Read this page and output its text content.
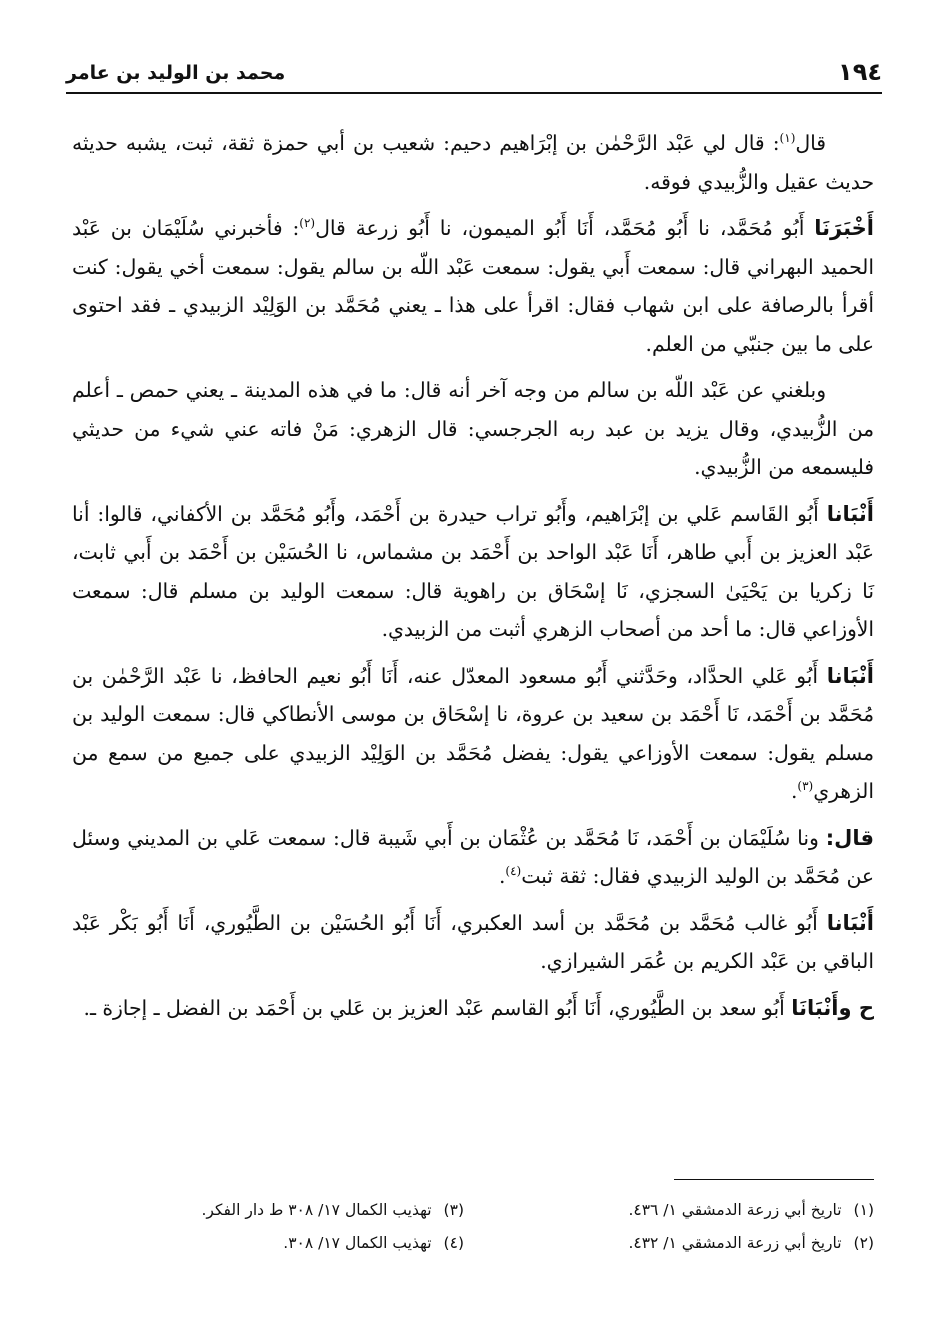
١٩٤
محمد بن الوليد بن عامر

قال$^{(١)}$: قال لي عَبْد الرَّحْمٰن بن إبْرَاهيم دحيم: شعيب بن أبي حمزة ثقة، ثبت، يشبه حديثه حديث عقيل والزُّبيدي فوقه.

أَخْبَرَنَا أَبُو مُحَمَّد، نا أَبُو مُحَمَّد، أَنَا أَبُو الميمون، نا أَبُو زرعة قال$^{(٢)}$: فأخبرني سُلَيْمَان بن عَبْد الحميد البهراني قال: سمعت أَبي يقول: سمعت عَبْد اللّه بن سالم يقول: سمعت أخي يقول: كنت أقرأ بالرصافة على ابن شهاب فقال: اقرأ على هذا ـ يعني مُحَمَّد بن الوَلِيْد الزبيدي ـ فقد احتوى على ما بين جنبّي من العلم.

وبلغني عن عَبْد اللّه بن سالم من وجه آخر أنه قال: ما في هذه المدينة ـ يعني حمص ـ أعلم من الزُّبيدي، وقال يزيد بن عبد ربه الجرجسي: قال الزهري: مَنْ فاته عني شيء من حديثي فليسمعه من الزُّبيدي.

أَنْبَانا أَبُو القَاسم عَلي بن إبْرَاهيم، وأَبُو تراب حيدرة بن أَحْمَد، وأَبُو مُحَمَّد بن الأكفاني، قالوا: أنا عَبْد العزيز بن أَبي طاهر، أَنَا عَبْد الواحد بن أَحْمَد بن مشماس، نا الحُسَيْن بن أَحْمَد بن أَبي ثابت، نَا زكريا بن يَحْيَىٰ السجزي، نَا إسْحَاق بن راهوية قال: سمعت الوليد بن مسلم قال: سمعت الأوزاعي قال: ما أحد من أصحاب الزهري أثبت من الزبيدي.

أَنْبَانا أَبُو عَلي الحدَّاد، وحَدَّثني أَبُو مسعود المعدّل عنه، أَنَا أَبُو نعيم الحافظ، نا عَبْد الرَّحْمٰن بن مُحَمَّد بن أَحْمَد، نَا أَحْمَد بن سعيد بن عروة، نا إسْحَاق بن موسى الأنطاكي قال: سمعت الوليد بن مسلم يقول: سمعت الأوزاعي يقول: يفضل مُحَمَّد بن الوَلِيْد الزبيدي على جميع من سمع من الزهري$^{(٣)}$.

قال: ونا سُلَيْمَان بن أَحْمَد، نَا مُحَمَّد بن عُثْمَان بن أَبي شَيبة قال: سمعت عَلي بن المديني وسئل عن مُحَمَّد بن الوليد الزبيدي فقال: ثقة ثبت$^{(٤)}$.

أَنْبَانا أَبُو غالب مُحَمَّد بن مُحَمَّد بن أسد العكبري، أَنَا أَبُو الحُسَيْن بن الطَّيُوري، أَنَا أَبُو بَكْر عَبْد الباقي بن عَبْد الكريم بن عُمَر الشيرازي.

ح وأَنْبَانَا أَبُو سعد بن الطَّيُوري، أَنَا أَبُو القاسم عَبْد العزيز بن عَلي بن أَحْمَد بن الفضل ـ إجازة ـ.

(١)تاريخ أبي زرعة الدمشقي ١/ ٤٣٦.
(٢)تاريخ أبي زرعة الدمشقي ١/ ٤٣٢.
(٣)تهذيب الكمال ١٧/ ٣٠٨ ط دار الفكر.
(٤)تهذيب الكمال ١٧/ ٣٠٨.
